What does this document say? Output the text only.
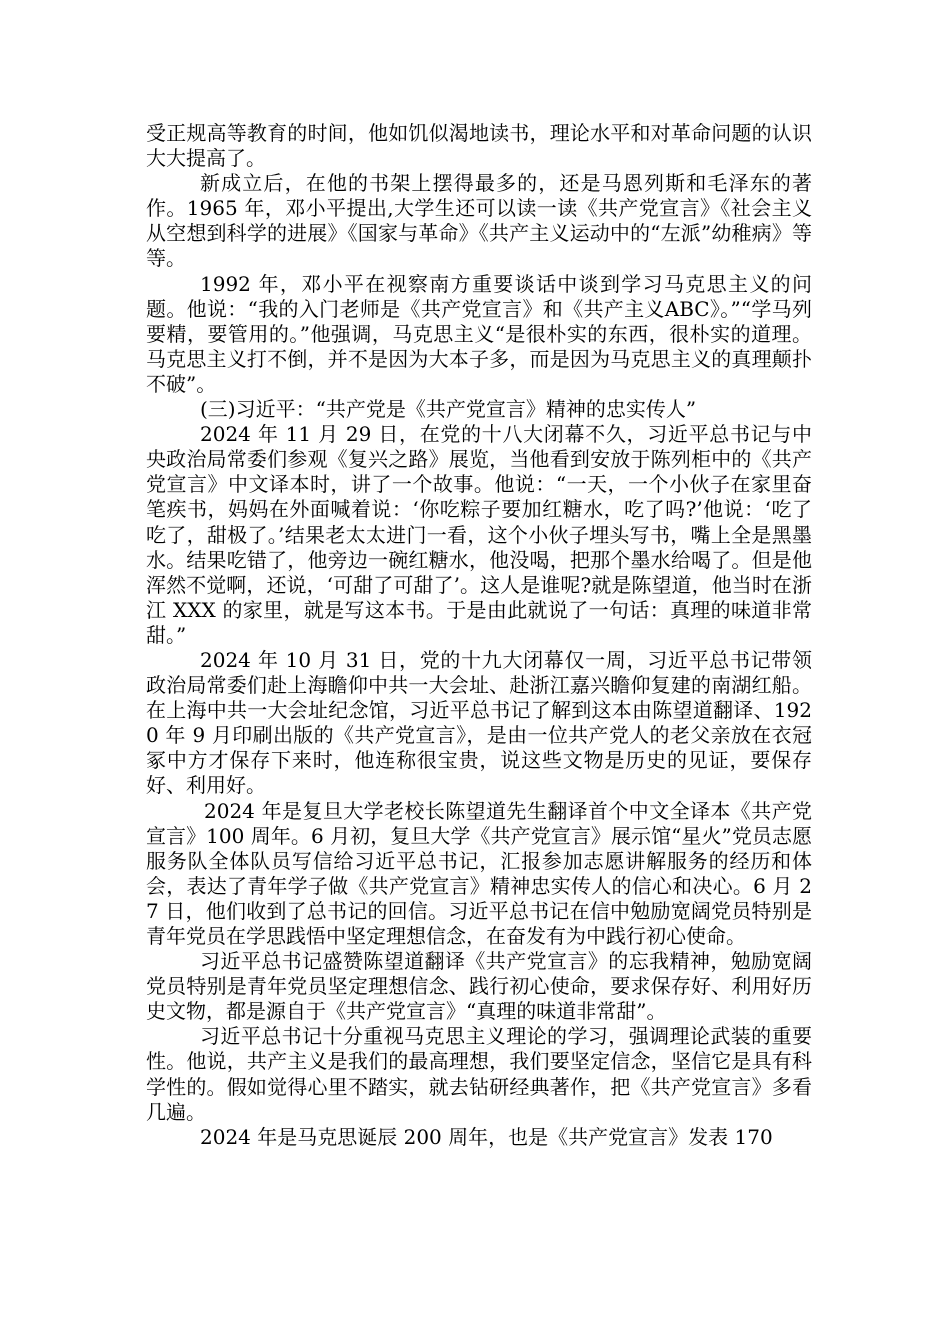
受正规高等教育的时间，他如饥似渴地读书，理论水平和对革命问题的认识大大提高了。

新成立后，在他的书架上摆得最多的，还是马恩列斯和毛泽东的著作。1965 年，邓小平提出,大学生还可以读一读《共产党宣言》《社会主义从空想到科学的进展》《国家与革命》《共产主义运动中的“左派”幼稚病》等等。

1992 年，邓小平在视察南方重要谈话中谈到学习马克思主义的问题。他说：“我的入门老师是《共产党宣言》和《共产主义ABC》。”“学马列要精，要管用的。”他强调，马克思主义“是很朴实的东西，很朴实的道理。马克思主义打不倒，并不是因为大本子多，而是因为马克思主义的真理颠扑不破”。

(三)习近平：“共产党是《共产党宣言》精神的忠实传人”

2024 年 11 月 29 日，在党的十八大闭幕不久，习近平总书记与中央政治局常委们参观《复兴之路》展览，当他看到安放于陈列柜中的《共产党宣言》中文译本时，讲了一个故事。他说：“一天，一个小伙子在家里奋笔疾书，妈妈在外面喊着说：‘你吃粽子要加红糖水，吃了吗?’他说：‘吃了吃了，甜极了。’结果老太太进门一看，这个小伙子埋头写书，嘴上全是黑墨水。结果吃错了，他旁边一碗红糖水，他没喝，把那个墨水给喝了。但是他浑然不觉啊，还说，‘可甜了可甜了’。这人是谁呢?就是陈望道，他当时在浙江 XXX 的家里，就是写这本书。于是由此就说了一句话：真理的味道非常甜。”

2024 年 10 月 31 日，党的十九大闭幕仅一周，习近平总书记带领政治局常委们赴上海瞻仰中共一大会址、赴浙江嘉兴瞻仰复建的南湖红船。在上海中共一大会址纪念馆，习近平总书记了解到这本由陈望道翻译、1920 年 9 月印刷出版的《共产党宣言》，是由一位共产党人的老父亲放在衣冠冢中方才保存下来时，他连称很宝贵，说这些文物是历史的见证，要保存好、利用好。

2024 年是复旦大学老校长陈望道先生翻译首个中文全译本《共产党宣言》100 周年。6 月初，复旦大学《共产党宣言》展示馆“星火”党员志愿服务队全体队员写信给习近平总书记，汇报参加志愿讲解服务的经历和体会，表达了青年学子做《共产党宣言》精神忠实传人的信心和决心。6 月 27 日，他们收到了总书记的回信。习近平总书记在信中勉励宽阔党员特别是青年党员在学思践悟中坚定理想信念，在奋发有为中践行初心使命。

习近平总书记盛赞陈望道翻译《共产党宣言》的忘我精神，勉励宽阔党员特别是青年党员坚定理想信念、践行初心使命，要求保存好、利用好历史文物，都是源自于《共产党宣言》“真理的味道非常甜”。

习近平总书记十分重视马克思主义理论的学习，强调理论武装的重要性。他说，共产主义是我们的最高理想，我们要坚定信念，坚信它是具有科学性的。假如觉得心里不踏实，就去钻研经典著作，把《共产党宣言》多看几遍。

2024 年是马克思诞辰 200 周年，也是《共产党宣言》发表 170
